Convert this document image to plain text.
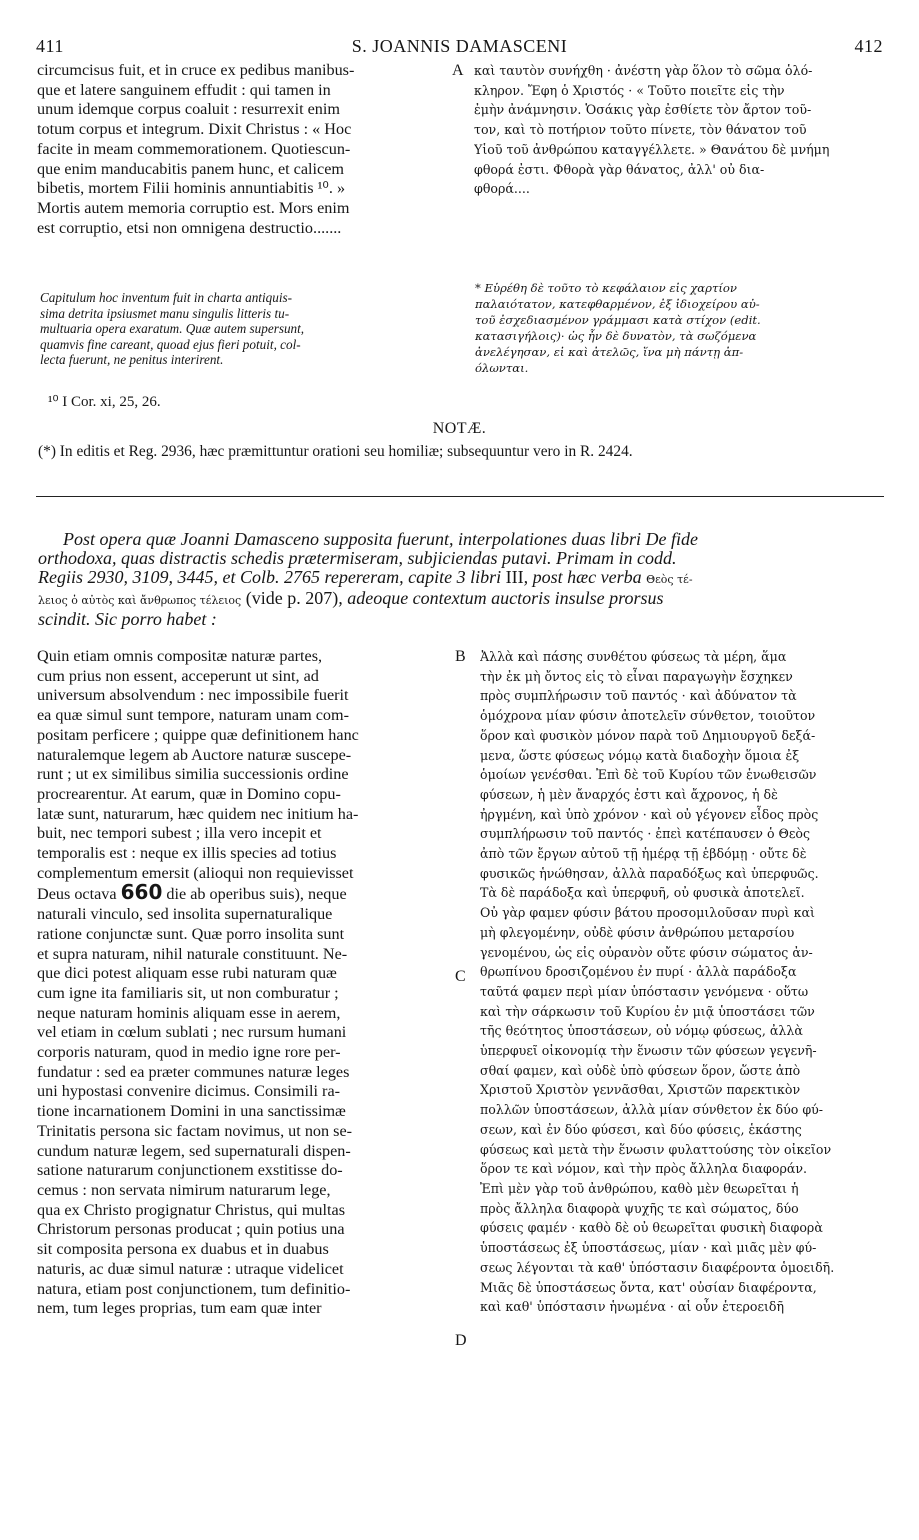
411	S. JOANNIS DAMASCENI	412
circumcisus fuit, et in cruce ex pedibus manibus-
que et latere sanguinem effudit : qui tamen in
unum idemque corpus coaluit : resurrexit enim
totum corpus et integrum. Dixit Christus : « Hoc
facite in meam commemorationem. Quotiescun-
que enim manducabitis panem hunc, et calicem
bibetis, mortem Filii hominis annuntiabitis ¹⁰. »
Mortis autem memoria corruptio est. Mors enim
est corruptio, etsi non omnigena destructio.......
A καὶ ταυτὸν συνήχθη · ἀνέστη γὰρ ὅλον τὸ σῶμα ὁλό-
κληρον. Ἔφη ὁ Χριστός · « Τοῦτο ποιεῖτε εἰς τὴν
ἐμὴν ἀνάμνησιν. Ὁσάκις γὰρ ἐσθίετε τὸν ἄρτον τοῦ-
τον, καὶ τὸ ποτήριον τοῦτο πίνετε, τὸν θάνατον τοῦ
Υἱοῦ τοῦ ἀνθρώπου καταγγέλλετε. » Θανάτου δὲ μνήμη
φθορά ἐστι. Φθορὰ γὰρ θάνατος, ἀλλ' οὐ δια-
φθορά....
Capitulum hoc inventum fuit in charta antiquis-
sima detrita ipsiusmet manu singulis litteris tu-
multuaria opera exaratum. Quæ autem supersunt,
quamvis fine careant, quoad ejus fieri potuit, col-
lecta fuerunt, ne penitus interirent.
* Εὑρέθη δὲ τοῦτο τὸ κεφάλαιον εἰς χαρτίον
παλαιότατον, κατεφθαρμένον, ἐξ ἰδιοχείρου αὐ-
τοῦ ἐσχεδιασμένον γράμμασι κατὰ στίχον (edit.
κατασιγήλοις)· ὡς ἦν δὲ δυνατὸν, τὰ σωζόμενα
ἀνελέγησαν, εἰ καὶ ἀτελῶς, ἵνα μὴ πάντῃ ἀπ-
όλωνται.
¹⁰ I Cor. xi, 25, 26.
NOTÆ.
(*) In editis et Reg. 2936, hæc præmittuntur orationi seu homiliæ; subsequuntur vero in R. 2424.
Post opera quæ Joanni Damasceno supposita fuerunt, interpolationes duas libri De fide
orthodoxa, quas distractis schedis prætermiseram, subjiciendas putavi. Primam in codd.
Regiis 2930, 3109, 3445, et Colb. 2765 repereram, capite 3 libri III, post hæc verba Θεὸς τέ-
λειος ὁ αὐτὸς καὶ ἄνθρωπος τέλειος (vide p. 207), adeoque contextum auctoris insulse prorsus
scindit. Sic porro habet :
Quin etiam omnis compositæ naturæ partes,
cum prius non essent, acceperunt ut sint, ad
universum absolvendum : nec impossibile fuerit
ea quæ simul sunt tempore, naturam unam com-
positam perficere ; quippe quæ definitionem hanc
naturalemque legem ab Auctore naturæ suscepe-
runt ; ut ex similibus similia successionis ordine
procrearentur. At earum, quæ in Domino copu-
latæ sunt, naturarum, hæc quidem nec initium ha-
buit, nec tempori subest ; illa vero incepit et
temporalis est : neque ex illis species ad totius
complementum emersit (alioqui non requievisset
Deus octava 660 die ab operibus suis), neque
naturali vinculo, sed insolita supernaturalique
ratione conjunctæ sunt. Quæ porro insolita sunt
et supra naturam, nihil naturale constituunt. Ne-
que dici potest aliquam esse rubi naturam quæ
cum igne ita familiaris sit, ut non comburatur ;
neque naturam hominis aliquam esse in aerem,
vel etiam in cœlum sublati ; nec rursum humani
corporis naturam, quod in medio igne rore per-
fundatur : sed ea præter communes naturæ leges
uni hypostasi convenire dicimus. Consimili ra-
tione incarnationem Domini in una sanctissimæ
Trinitatis persona sic factam novimus, ut non se-
cundum naturæ legem, sed supernaturali dispen-
satione naturarum conjunctionem exstitisse do-
cemus : non servata nimirum naturarum lege,
qua ex Christo progignatur Christus, qui multas
Christorum personas producat ; quin potius una
sit composita persona ex duabus et in duabus
naturis, ac duæ simul naturæ : utraque videlicet
natura, etiam post conjunctionem, tum definitio-
nem, tum leges proprias, tum eam quæ inter
Ἀλλὰ καὶ πάσης συνθέτου φύσεως τὰ μέρη, ἅμα
τὴν ἐκ μὴ ὄντος εἰς τὸ εἶναι παραγωγὴν ἔσχηκεν
πρὸς συμπλήρωσιν τοῦ παντός · καὶ ἀδύνατον τὰ
ὁμόχρονα μίαν φύσιν ἀποτελεῖν σύνθετον, τοιοῦτον
ὅρον καὶ φυσικὸν μόνον παρὰ τοῦ Δημιουργοῦ δεξά-
μενα, ὥστε φύσεως νόμῳ κατὰ διαδοχὴν ὅμοια ἐξ
ὁμοίων γενέσθαι. Ἐπὶ δὲ τοῦ Κυρίου τῶν ἑνωθεισῶν
φύσεων, ἡ μὲν ἄναρχός ἐστι καὶ ἄχρονος, ἡ δὲ
ἠργμένη, καὶ ὑπὸ χρόνον · καὶ οὐ γέγονεν εἶδος πρὸς
συμπλήρωσιν τοῦ παντός · ἐπεὶ κατέπαυσεν ὁ Θεὸς
ἀπὸ τῶν ἔργων αὐτοῦ τῇ ἡμέρᾳ τῇ ἑβδόμῃ · οὔτε δὲ
φυσικῶς ἡνώθησαν, ἀλλὰ παραδόξως καὶ ὑπερφυῶς.
Τὰ δὲ παράδοξα καὶ ὑπερφυῆ, οὐ φυσικὰ ἀποτελεῖ.
Οὐ γὰρ φαμεν φύσιν βάτου προσομιλοῦσαν πυρὶ καὶ
μὴ φλεγομένην, οὐδὲ φύσιν ἀνθρώπου μεταρσίου
γενομένου, ὡς εἰς οὐρανὸν οὔτε φύσιν σώματος ἀν-
θρωπίνου δροσιζομένου ἐν πυρί · ἀλλὰ παράδοξα
ταῦτά φαμεν περὶ μίαν ὑπόστασιν γενόμενα · οὕτω
καὶ τὴν σάρκωσιν τοῦ Κυρίου ἐν μιᾷ ὑποστάσει τῶν
τῆς θεότητος ὑποστάσεων, οὐ νόμῳ φύσεως, ἀλλὰ
ὑπερφυεῖ οἰκονομίᾳ τὴν ἕνωσιν τῶν φύσεων γεγενῆ-
σθαί φαμεν, καὶ οὐδὲ ὑπὸ φύσεων ὅρον, ὥστε ἀπὸ
Χριστοῦ Χριστὸν γεννᾶσθαι, Χριστῶν παρεκτικὸν
πολλῶν ὑποστάσεων, ἀλλὰ μίαν σύνθετον ἐκ δύο φύ-
σεων, καὶ ἐν δύο φύσεσι, καὶ δύο φύσεις, ἑκάστης
φύσεως καὶ μετὰ τὴν ἕνωσιν φυλαττούσης τὸν οἰκεῖον
ὅρον τε καὶ νόμον, καὶ τὴν πρὸς ἄλληλα διαφοράν.
Ἐπὶ μὲν γὰρ τοῦ ἀνθρώπου, καθὸ μὲν θεωρεῖται ἡ
πρὸς ἄλληλα διαφορὰ ψυχῆς τε καὶ σώματος, δύο
φύσεις φαμέν · καθὸ δὲ οὐ θεωρεῖται φυσικὴ διαφορὰ
ὑποστάσεως ἐξ ὑποστάσεως, μίαν · καὶ μιᾶς μὲν φύ-
σεως λέγονται τὰ καθ' ὑπόστασιν διαφέροντα ὁμοειδῆ.
Μιᾶς δὲ ὑποστάσεως ὄντα, κατ' οὐσίαν διαφέροντα,
καὶ καθ' ὑπόστασιν ἡνωμένα · αἱ οὖν ἑτεροειδῆ
B
C
D
